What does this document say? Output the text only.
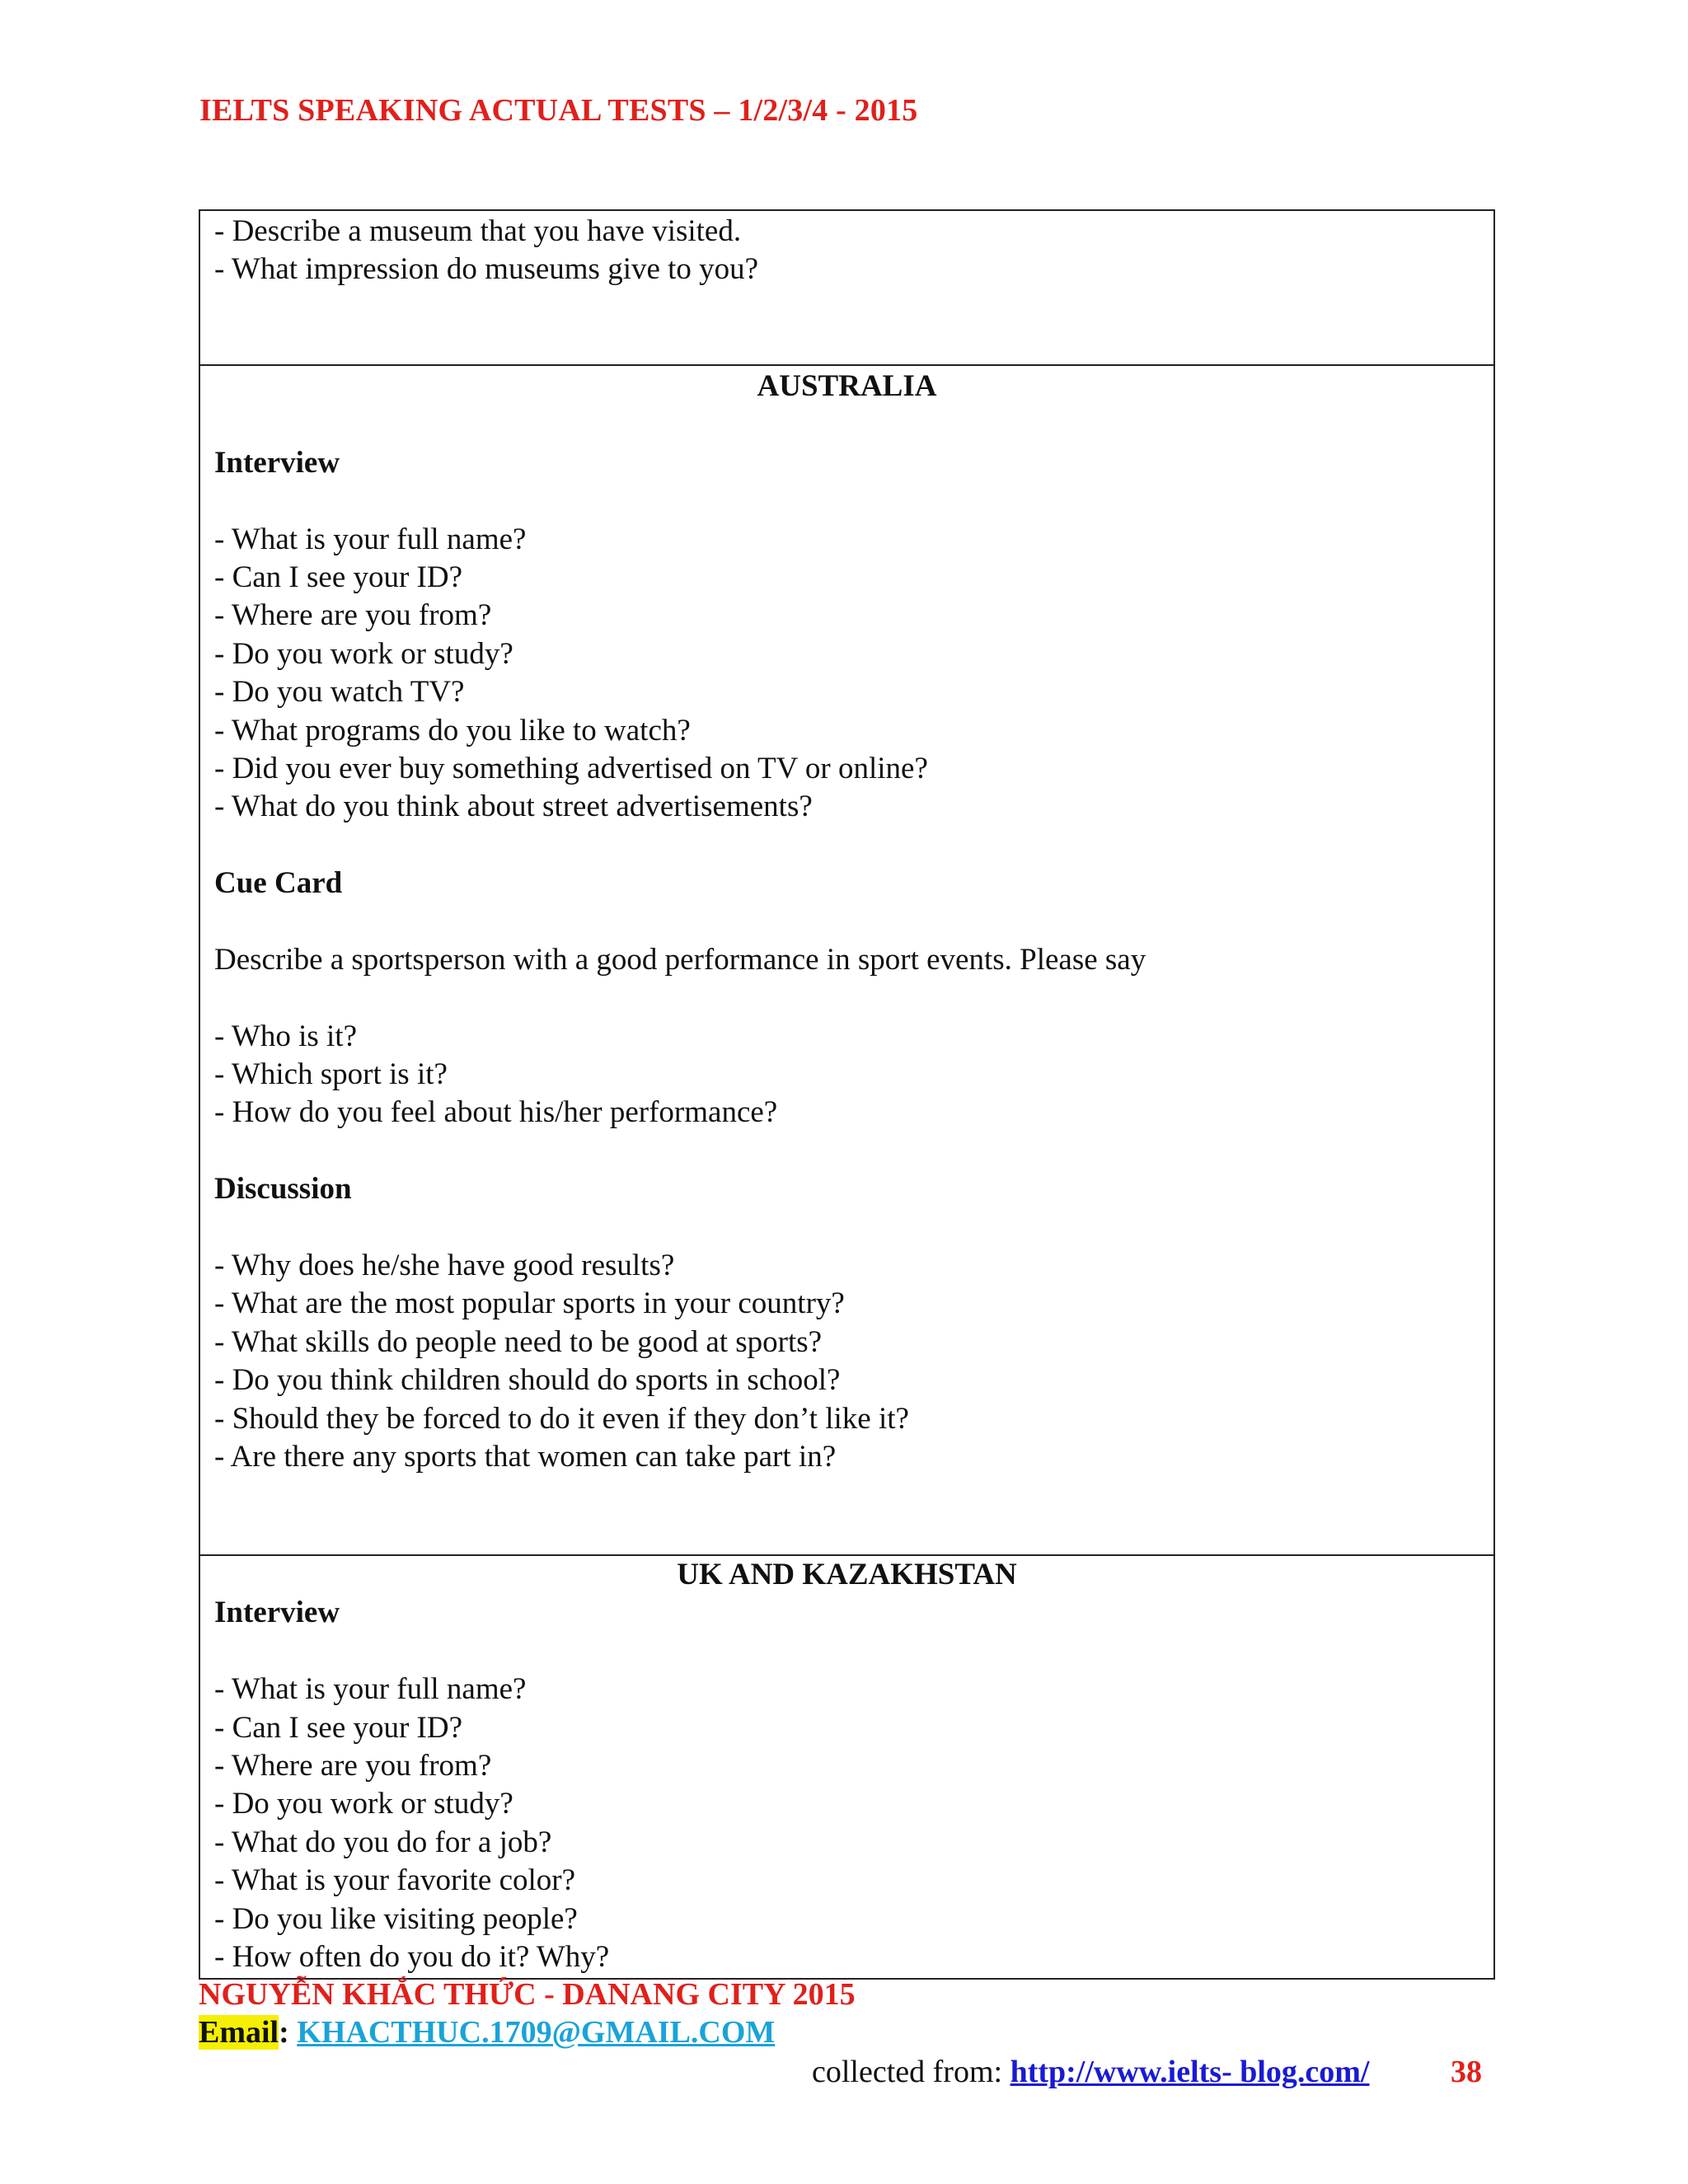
IELTS SPEAKING ACTUAL TESTS – 1/2/3/4 - 2015
- Describe a museum that you have visited.
- What impression do museums give to you?
AUSTRALIA
Interview
- What is your full name?
- Can I see your ID?
- Where are you from?
- Do you work or study?
- Do you watch TV?
- What programs do you like to watch?
- Did you ever buy something advertised on TV or online?
- What do you think about street advertisements?
Cue Card
Describe a sportsperson with a good performance in sport events. Please say
- Who is it?
- Which sport is it?
- How do you feel about his/her performance?
Discussion
- Why does he/she have good results?
- What are the most popular sports in your country?
- What skills do people need to be good at sports?
- Do you think children should do sports in school?
- Should they be forced to do it even if they don’t like it?
- Are there any sports that women can take part in?
UK AND KAZAKHSTAN
Interview
- What is your full name?
- Can I see your ID?
- Where are you from?
- Do you work or study?
- What do you do for a job?
- What is your favorite color?
- Do you like visiting people?
- How often do you do it? Why?

NGUYỄN KHẮC THỨC - DANANG CITY 2015

Email: KHACTHUC.1709@GMAIL.COM
collected from: http://www.ielts- blog.com/	38
